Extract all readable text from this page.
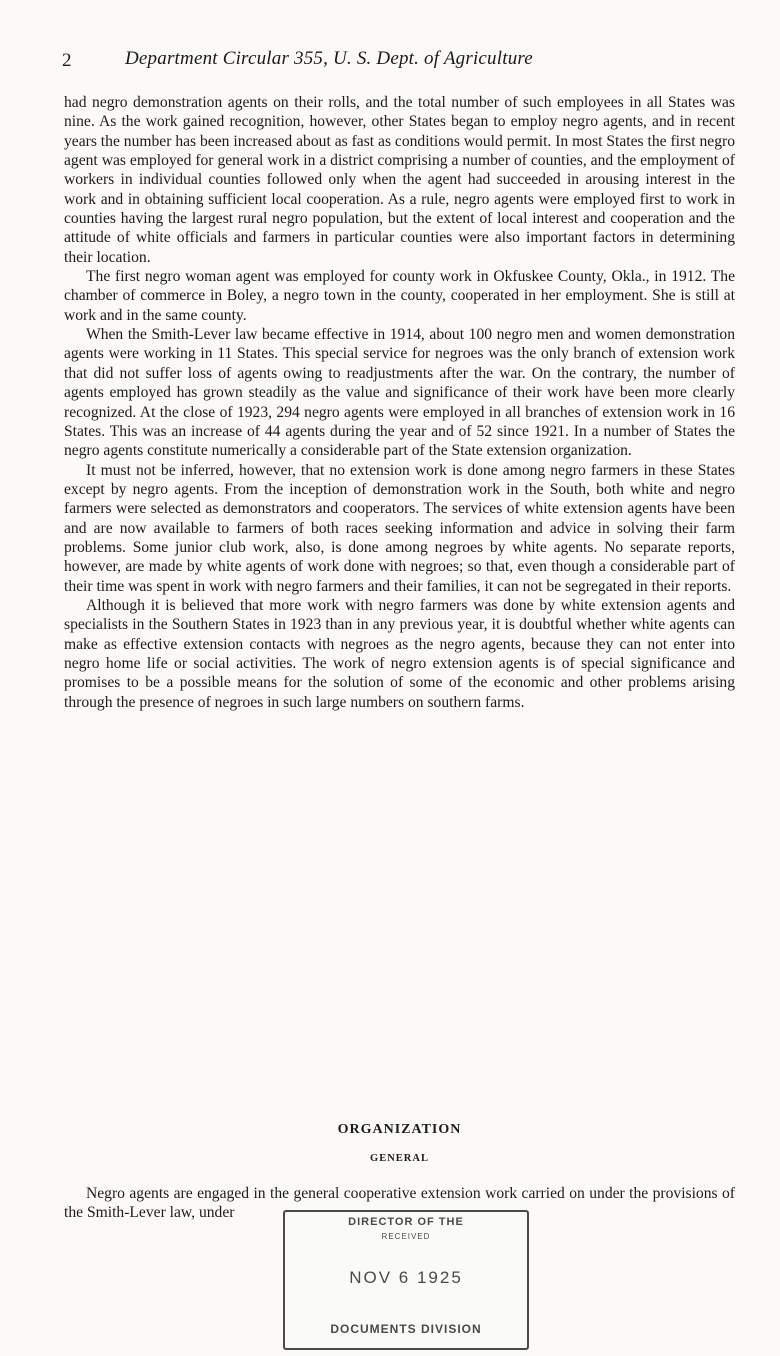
2	Department Circular 355, U. S. Dept. of Agriculture

had negro demonstration agents on their rolls, and the total number of such employees in all States was nine. As the work gained recognition, however, other States began to employ negro agents, and in recent years the number has been increased about as fast as conditions would permit. In most States the first negro agent was employed for general work in a district comprising a number of counties, and the employment of workers in individual counties followed only when the agent had succeeded in arousing interest in the work and in obtaining sufficient local cooperation. As a rule, negro agents were employed first to work in counties having the largest rural negro population, but the extent of local interest and cooperation and the attitude of white officials and farmers in particular counties were also important factors in determining their location.

The first negro woman agent was employed for county work in Okfuskee County, Okla., in 1912. The chamber of commerce in Boley, a negro town in the county, cooperated in her employment. She is still at work and in the same county.

When the Smith-Lever law became effective in 1914, about 100 negro men and women demonstration agents were working in 11 States. This special service for negroes was the only branch of extension work that did not suffer loss of agents owing to readjustments after the war. On the contrary, the number of agents employed has grown steadily as the value and significance of their work have been more clearly recognized. At the close of 1923, 294 negro agents were employed in all branches of extension work in 16 States. This was an increase of 44 agents during the year and of 52 since 1921. In a number of States the negro agents constitute numerically a considerable part of the State extension organization.

It must not be inferred, however, that no extension work is done among negro farmers in these States except by negro agents. From the inception of demonstration work in the South, both white and negro farmers were selected as demonstrators and cooperators. The services of white extension agents have been and are now available to farmers of both races seeking information and advice in solving their farm problems. Some junior club work, also, is done among negroes by white agents. No separate reports, however, are made by white agents of work done with negroes; so that, even though a considerable part of their time was spent in work with negro farmers and their families, it can not be segregated in their reports.

Although it is believed that more work with negro farmers was done by white extension agents and specialists in the Southern States in 1923 than in any previous year, it is doubtful whether white agents can make as effective extension contacts with negroes as the negro agents, because they can not enter into negro home life or social activities. The work of negro extension agents is of special significance and promises to be a possible means for the solution of some of the economic and other problems arising through the presence of negroes in such large numbers on southern farms.

ORGANIZATION
GENERAL

Negro agents are engaged in the general cooperative extension work carried on under the provisions of the Smith-Lever law, under

DIRECTOR OF THE
RECEIVED
NOV 6 1925
DOCUMENTS DIVISION
